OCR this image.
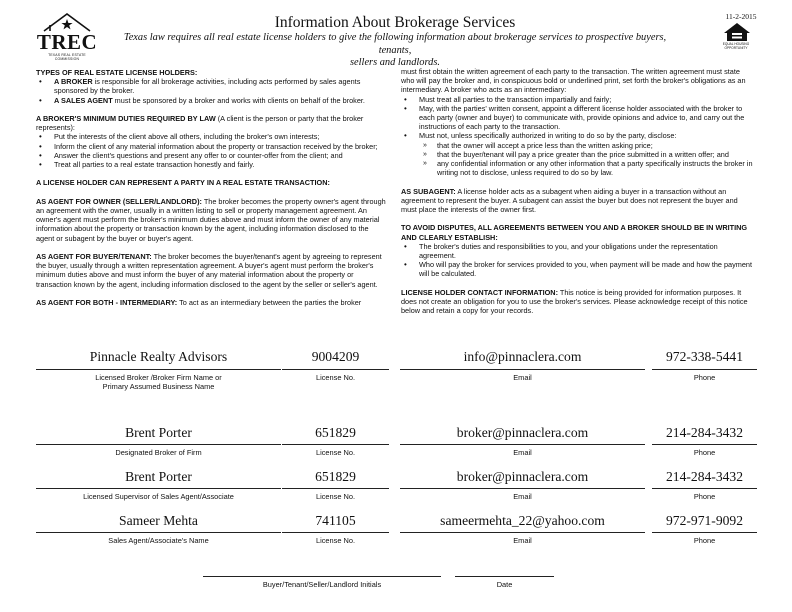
TREC
TEXAS REAL ESTATE COMMISSION
Information About Brokerage Services
Texas law requires all real estate license holders to give the following information about brokerage services to prospective buyers, tenants,
sellers and landlords.
11-2-2015
EQUAL HOUSING OPPORTUNITY

TYPES OF REAL ESTATE LICENSE HOLDERS:

• A BROKER is responsible for all brokerage activities, including acts performed by sales agents sponsored by the broker.
• A SALES AGENT must be sponsored by a broker and works with clients on behalf of the broker.

A BROKER'S MINIMUM DUTIES REQUIRED BY LAW (A client is the person or party that the broker represents):

• Put the interests of the client above all others, including the broker's own interests;
• Inform the client of any material information about the property or transaction received by the broker;
• Answer the client's questions and present any offer to or counter-offer from the client; and
• Treat all parties to a real estate transaction honestly and fairly.

A LICENSE HOLDER CAN REPRESENT A PARTY IN A REAL ESTATE TRANSACTION:

AS AGENT FOR OWNER (SELLER/LANDLORD): The broker becomes the property owner's agent through an agreement with the owner, usually in a written listing to sell or property management agreement. An owner's agent must perform the broker's minimum duties above and must inform the owner of any material information about the property or transaction known by the agent, including information disclosed to the agent or subagent by the buyer or buyer's agent.

AS AGENT FOR BUYER/TENANT: The broker becomes the buyer/tenant's agent by agreeing to represent the buyer, usually through a written representation agreement. A buyer's agent must perform the broker's minimum duties above and must inform the buyer of any material information about the property or transaction known by the agent, including information disclosed to the agent by the seller or seller's agent.

AS AGENT FOR BOTH - INTERMEDIARY: To act as an intermediary between the parties the broker

must first obtain the written agreement of each party to the transaction. The written agreement must state who will pay the broker and, in conspicuous bold or underlined print, set forth the broker's obligations as an intermediary. A broker who acts as an intermediary:

• Must treat all parties to the transaction impartially and fairly;
• May, with the parties' written consent, appoint a different license holder associated with the broker to each party (owner and buyer) to communicate with, provide opinions and advice to, and carry out the instructions of each party to the transaction.
• Must not, unless specifically authorized in writing to do so by the party, disclose:
» that the owner will accept a price less than the written asking price;
» that the buyer/tenant will pay a price greater than the price submitted in a written offer; and
» any confidential information or any other information that a party specifically instructs the broker in writing not to disclose, unless required to do so by law.

AS SUBAGENT: A license holder acts as a subagent when aiding a buyer in a transaction without an agreement to represent the buyer. A subagent can assist the buyer but does not represent the buyer and must place the interests of the owner first.

TO AVOID DISPUTES, ALL AGREEMENTS BETWEEN YOU AND A BROKER SHOULD BE IN WRITING AND CLEARLY ESTABLISH:

• The broker's duties and responsibilities to you, and your obligations under the representation agreement.
• Who will pay the broker for services provided to you, when payment will be made and how the payment will be calculated.

LICENSE HOLDER CONTACT INFORMATION: This notice is being provided for information purposes. It does not create an obligation for you to use the broker's services. Please acknowledge receipt of this notice below and retain a copy for your records.

Pinnacle Realty Advisors
Licensed Broker /Broker Firm Name or
Primary Assumed Business Name
9004209
License No.
info@pinnaclera.com
Email
972-338-5441
Phone
Brent Porter
Designated Broker of Firm
651829
License No.
broker@pinnaclera.com
Email
214-284-3432
Phone
Brent Porter
Licensed Supervisor of Sales Agent/Associate
651829
License No.
broker@pinnaclera.com
Email
214-284-3432
Phone
Sameer Mehta
Sales Agent/Associate's Name
741105
License No.
sameermehta_22@yahoo.com
Email
972-971-9092
Phone
Buyer/Tenant/Seller/Landlord Initials	Date
